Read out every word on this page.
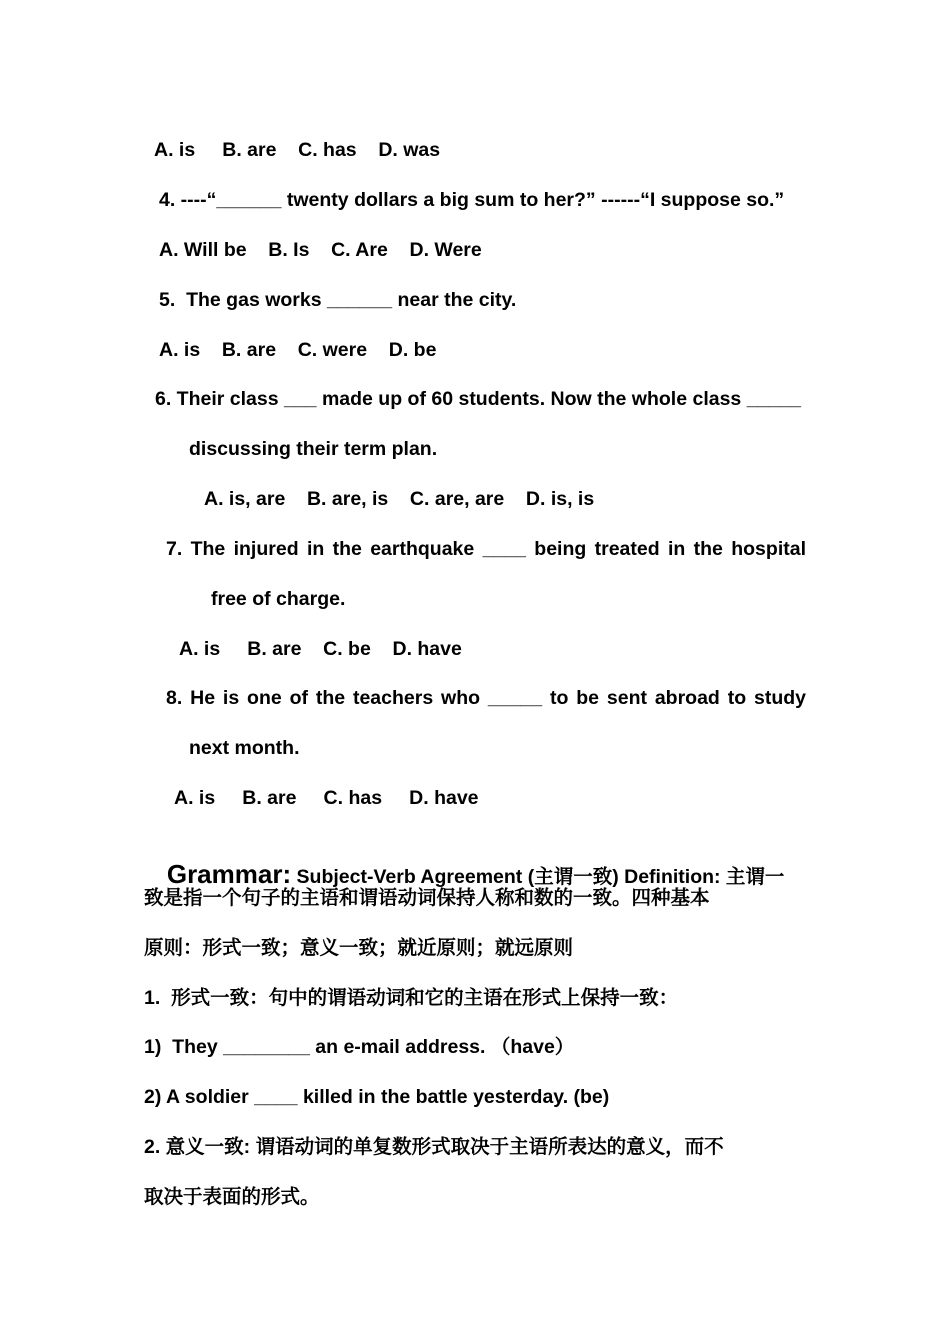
A. is     B. are    C. has    D. was
4. ----“______ twenty dollars a big sum to her?” ------“I suppose so.”
A. Will be    B. Is    C. Are    D. Were
5.  The gas works ______ near the city.
A. is    B. are    C. were    D. be
6. Their class ___ made up of 60 students. Now the whole class _____
discussing their term plan.
A. is, are    B. are, is    C. are, are    D. is, is
7. The injured in the earthquake ____ being treated in the hospital
free of charge.
A. is     B. are    C. be    D. have
8. He is one of the teachers who _____ to be sent abroad to study
next month.
A. is     B. are     C. has     D. have

Grammar: Subject-Verb Agreement (主谓一致) Definition: 主谓一

致是指一个句子的主语和谓语动词保持人称和数的一致。四种基本
原则：形式一致；意义一致；就近原则；就远原则
1.  形式一致：句中的谓语动词和它的主语在形式上保持一致：
1)  They ________ an e-mail address. （have）
2) A soldier ____ killed in the battle yesterday. (be)
2. 意义一致: 谓语动词的单复数形式取决于主语所表达的意义，而不
取决于表面的形式。
